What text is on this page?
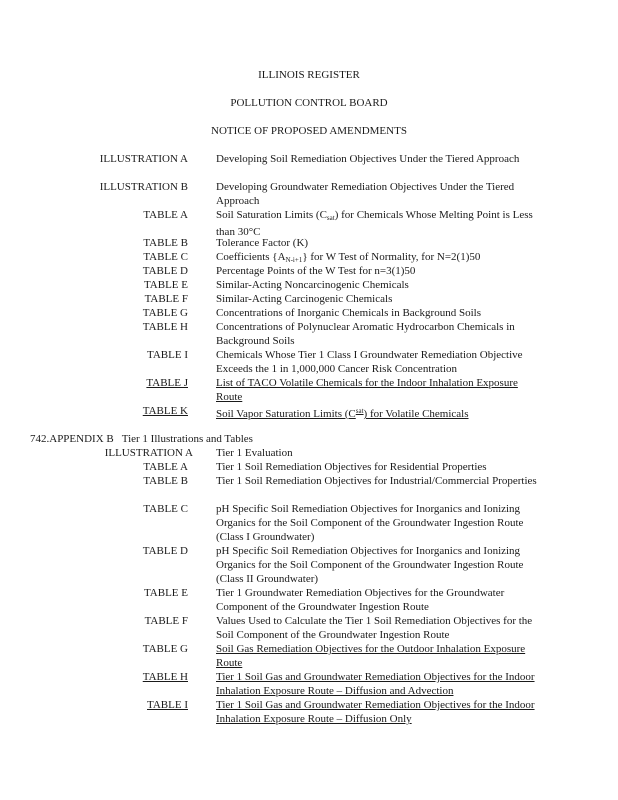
ILLINOIS REGISTER
POLLUTION CONTROL BOARD
NOTICE OF PROPOSED AMENDMENTS
ILLUSTRATION A	Developing Soil Remediation Objectives Under the Tiered Approach
ILLUSTRATION B	Developing Groundwater Remediation Objectives Under the Tiered Approach
TABLE A	Soil Saturation Limits $(C_{sat})$ for Chemicals Whose Melting Point is Less than 30°C
TABLE B	Tolerance Factor (K)
TABLE C	Coefficients $\{A_{N-i+1}\}$ for W Test of Normality, for N=2(1)50
TABLE D	Percentage Points of the W Test for n=3(1)50
TABLE E	Similar-Acting Noncarcinogenic Chemicals
TABLE F	Similar-Acting Carcinogenic Chemicals
TABLE G	Concentrations of Inorganic Chemicals in Background Soils
TABLE H	Concentrations of Polynuclear Aromatic Hydrocarbon Chemicals in Background Soils
TABLE I	Chemicals Whose Tier 1 Class I Groundwater Remediation Objective Exceeds the 1 in 1,000,000 Cancer Risk Concentration
TABLE J	List of TACO Volatile Chemicals for the Indoor Inhalation Exposure Route
TABLE K	Soil Vapor Saturation Limits $(C^{sat})$ for Volatile Chemicals
742.APPENDIX B Tier 1 Illustrations and Tables
ILLUSTRATION A Tier 1 Evaluation
TABLE A	Tier 1 Soil Remediation Objectives for Residential Properties
TABLE B	Tier 1 Soil Remediation Objectives for Industrial/Commercial Properties
TABLE C	pH Specific Soil Remediation Objectives for Inorganics and Ionizing Organics for the Soil Component of the Groundwater Ingestion Route (Class I Groundwater)
TABLE D	pH Specific Soil Remediation Objectives for Inorganics and Ionizing Organics for the Soil Component of the Groundwater Ingestion Route (Class II Groundwater)
TABLE E	Tier 1 Groundwater Remediation Objectives for the Groundwater Component of the Groundwater Ingestion Route
TABLE F	Values Used to Calculate the Tier 1 Soil Remediation Objectives for the Soil Component of the Groundwater Ingestion Route
TABLE G	Soil Gas Remediation Objectives for the Outdoor Inhalation Exposure Route
TABLE H	Tier 1 Soil Gas and Groundwater Remediation Objectives for the Indoor Inhalation Exposure Route – Diffusion and Advection
TABLE I	Tier 1 Soil Gas and Groundwater Remediation Objectives for the Indoor Inhalation Exposure Route – Diffusion Only
